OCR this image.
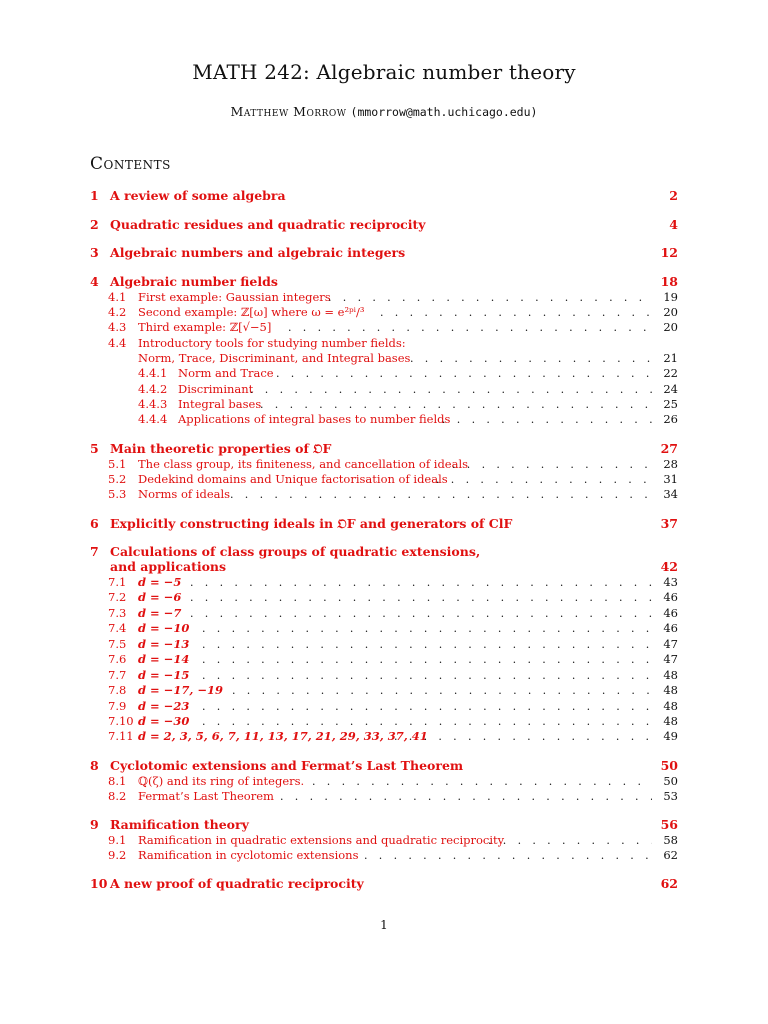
MATH 242: Algebraic number theory
Matthew Morrow (mmorrow@math.uchicago.edu)
Contents
1 A review of some algebra	2
2 Quadratic residues and quadratic reciprocity	4
3 Algebraic numbers and algebraic integers	12
4 Algebraic number fields	18
4.1 First example: Gaussian integers . . .	19
4.2 Second example: ℤ[ω] where ω = e²ᵖⁱ/³ . . .	20
4.3 Third example: ℤ[√−5] . . .	20
4.4 Introductory tools for studying number fields:
Norm, Trace, Discriminant, and Integral bases . . .	21
4.4.1 Norm and Trace . . .	22
4.4.2 Discriminant . . .	24
4.4.3 Integral bases . . .	25
4.4.4 Applications of integral bases to number fields . . .	26
5 Main theoretic properties of 𝔒F	27
5.1 The class group, its finiteness, and cancellation of ideals . . .	28
5.2 Dedekind domains and Unique factorisation of ideals . . .	31
5.3 Norms of ideals . . .	34
6 Explicitly constructing ideals in 𝔒F and generators of ClF	37
7 Calculations of class groups of quadratic extensions,
and applications	42
7.1 d = −5 . . .	43
7.2 d = −6 . . .	46
7.3 d = −7 . . .	46
7.4 d = −10 . . .	46
7.5 d = −13 . . .	47
7.6 d = −14 . . .	47
7.7 d = −15 . . .	48
7.8 d = −17, −19 . . .	48
7.9 d = −23 . . .	48
7.10 d = −30 . . .	48
7.11 d = 2, 3, 5, 6, 7, 11, 13, 17, 21, 29, 33, 37, 41 . . .	49
8 Cyclotomic extensions and Fermat’s Last Theorem	50
8.1 ℚ(ζ) and its ring of integers. . . .	50
8.2 Fermat’s Last Theorem . . .	53
9 Ramification theory	56
9.1 Ramification in quadratic extensions and quadratic reciprocity . . .	58
9.2 Ramification in cyclotomic extensions . . .	62
10 A new proof of quadratic reciprocity	62
1
